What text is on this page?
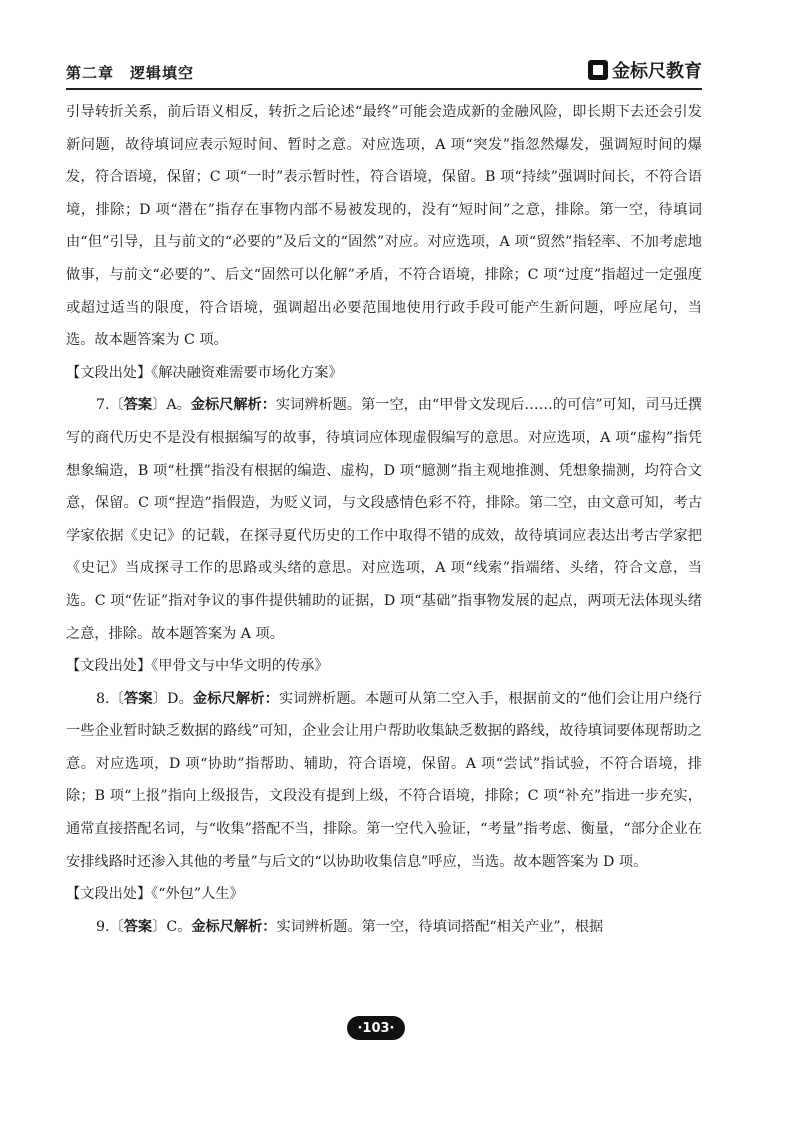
第二章　逻辑填空	金标尺教育

引导转折关系，前后语义相反，转折之后论述“最终”可能会造成新的金融风险，即长期下去还会引发新问题，故待填词应表示短时间、暂时之意。对应选项，A 项“突发”指忽然爆发，强调短时间的爆发，符合语境，保留；C 项“一时”表示暂时性，符合语境，保留。B 项“持续”强调时间长，不符合语境，排除；D 项“潜在”指存在事物内部不易被发现的，没有“短时间”之意，排除。第一空，待填词由“但”引导，且与前文的“必要的”及后文的“固然”对应。对应选项，A 项“贸然”指轻率、不加考虑地做事，与前文“必要的”、后文“固然可以化解”矛盾，不符合语境，排除；C 项“过度”指超过一定强度或超过适当的限度，符合语境，强调超出必要范围地使用行政手段可能产生新问题，呼应尾句，当选。故本题答案为 C 项。

【文段出处】《解决融资难需要市场化方案》

7.〔答案〕A。金标尺解析：实词辨析题。第一空，由“甲骨文发现后……的可信”可知，司马迁撰写的商代历史不是没有根据编写的故事，待填词应体现虚假编写的意思。对应选项，A 项“虚构”指凭想象编造，B 项“杜撰”指没有根据的编造、虚构，D 项“臆测”指主观地推测、凭想象揣测，均符合文意，保留。C 项“捏造”指假造，为贬义词，与文段感情色彩不符，排除。第二空，由文意可知，考古学家依据《史记》的记载，在探寻夏代历史的工作中取得不错的成效，故待填词应表达出考古学家把《史记》当成探寻工作的思路或头绪的意思。对应选项，A 项“线索”指端绪、头绪，符合文意，当选。C 项“佐证”指对争议的事件提供辅助的证据，D 项“基础”指事物发展的起点，两项无法体现头绪之意，排除。故本题答案为 A 项。

【文段出处】《甲骨文与中华文明的传承》

8.〔答案〕D。金标尺解析：实词辨析题。本题可从第二空入手，根据前文的“他们会让用户绕行一些企业暂时缺乏数据的路线”可知，企业会让用户帮助收集缺乏数据的路线，故待填词要体现帮助之意。对应选项，D 项“协助”指帮助、辅助，符合语境，保留。A 项“尝试”指试验，不符合语境，排除；B 项“上报”指向上级报告，文段没有提到上级，不符合语境，排除；C 项“补充”指进一步充实，通常直接搭配名词，与“收集”搭配不当，排除。第一空代入验证，“考量”指考虑、衡量，“部分企业在安排线路时还渗入其他的考量”与后文的“以协助收集信息”呼应，当选。故本题答案为 D 项。

【文段出处】《“外包”人生》

9.〔答案〕C。金标尺解析：实词辨析题。第一空，待填词搭配“相关产业”，根据

·103·
